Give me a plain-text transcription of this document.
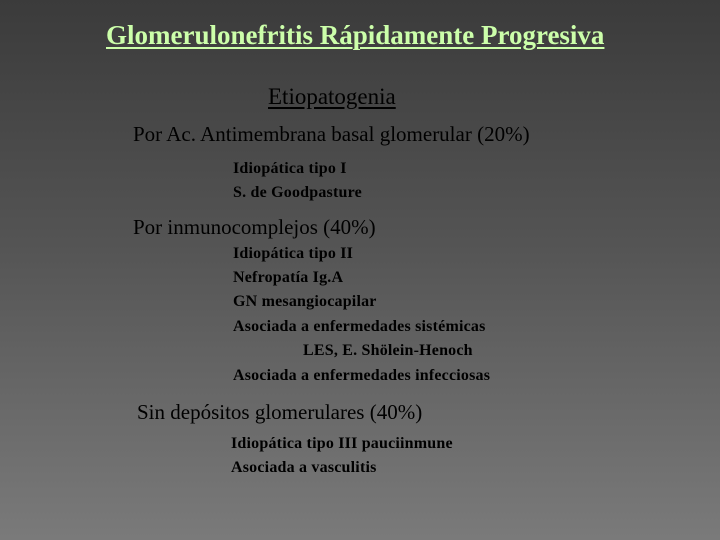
Glomerulonefritis Rápidamente Progresiva
Etiopatogenia
Por Ac. Antimembrana basal glomerular (20%)
Idiopática tipo I
S. de Goodpasture
Por inmunocomplejos (40%)
Idiopática tipo II
Nefropatía Ig.A
GN mesangiocapilar
Asociada a enfermedades sistémicas
LES, E. Shölein-Henoch
Asociada a enfermedades infecciosas
Sin depósitos glomerulares (40%)
Idiopática tipo III pauciinmune
Asociada a vasculitis
